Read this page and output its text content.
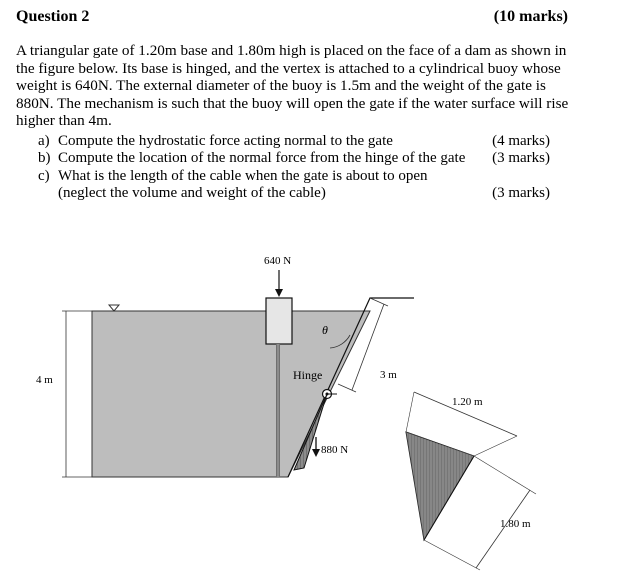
Question 2	(10 marks)

A triangular gate of 1.20m base and 1.80m high is placed on the face of a dam as shown in the figure below. Its base is hinged, and the vertex is attached to a cylindrical buoy whose weight is 640N. The external diameter of the buoy is 1.5m and the weight of the gate is 880N. The mechanism is such that the buoy will open the gate if the water surface will rise higher than 4m.

a) Compute the hydrostatic force acting normal to the gate	(4 marks)
b) Compute the location of the normal force from the hinge of the gate (3 marks)
c) What is the length of the cable when the gate is about to open (neglect the volume and weight of the cable)	(3 marks)
4 m
640 N
θ
3 m
Hinge
880 N
1.20 m
1.80 m
